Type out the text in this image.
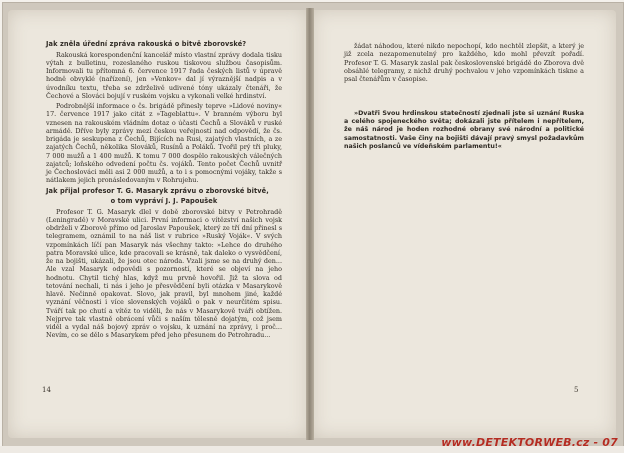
Jak zněla úřední zpráva rakouská o bitvě zborovské?

Rakouská korespondenční kancelář místo vlastní zprávy dodala tisku výtah z bulletinu, rozeslaného ruskou tiskovou službou časopisům. Informovali tu přítomná 6. července 1917 řada českých listů v úpravě hodně obvyklé (nařízení), jen »Venkov« dal jí výraznější nadpis a v úvodníku textu, třeba se zdrželivě udivené tóny ukázaly čtenáři, že Čechové a Slováci bojují v ruském vojsku a vykonali velké hrdinství.

Podrobnější informace o čs. brigádě přinesly teprve »Lidové noviny« 17. července 1917 jako citát z »Tageblattu«. V branném výboru byl vznesen na rakouském vládním dotaz o účasti Čechů a Slováků v ruské armádě. Dříve byly zprávy mezi českou veřejností nad odpovědí, že čs. brigáda je seskupena z Čechů, Bijících na Rusi, zajatých vlastních, a ze zajatých Čechů, několika Slováků, Rusínů a Poláků. Tvořil prý tři pluky, 7 000 mužů a 1 400 mužů. K tomu 7 000 dospělo rakouských válečných zajatců; loňského odvedení počtu čs. vojáků. Tento počet Čechů uvnitř je Čechoslováci měli asi 2 000 mužů, a to i s pomocnými vojáky, takže s nátlakem jejich pronásledovaným v Rohrujehu.

Jak přijal profesor T. G. Masaryk zprávu o zborovské bitvě,
o tom vypráví J. J. Papoušek

Profesor T. G. Masaryk dlel v době zborovské bitvy v Petrohradě (Leningradě) v Moravské ulici. První informaci o vítězství našich vojsk obdrželi v Zborově přímo od Jaroslav Papoušek, který ze tří dní přinesl s telegramem, oznámil to na náš list v rubrice »Ruský Voják«. V svých vzpomínkách líčí pan Masaryk nás všechny takto: »Lehce do druhého patra Moravské ulice, kde pracovali se krásně, tak daleko o vysvědčení, že na bojišti, ukázali, že jsou otec národa. Vzali jsme se na druhý den... Ale vzal Masaryk odpovědi s pozorností, které se objeví na jeho hodnotu. Chytil tichý hlas, když mu prvně hovořil. Již ta slova od tetování nechali, ti nás i jeho je přesvědčení byli otázka v Masarykově hlavě. Nečinně opakovat. Slovo, jak pravil, byl mnohem jiné, každé vyznání věčnosti i více slovenských vojáků o pak v neurčitém spisu. Tváří tak po chutí a vítěz to viděli, že nás v Masarykově tváři obtížen. Nejprve tak vlastně obrácení vůči s naším tělesně dojatým, což jsem viděl a vydal náš bojový zpráv o vojsku, k uznání na zprávy, i proč... Nevím, co se dělo s Masarykem před jeho přesunem do Petrohradu...

žádat náhodou, které nikdo nepochopí, kdo nechtěl zlepšit, a který je již zcela nezapomenutelný pro každého, kdo mohl převzít pořadí. Profesor T. G. Masaryk zaslal pak československé brigádě do Zborova dvě obsáhlé telegramy, z nichž druhý pochvalou v jeho vzpomínkách tiskne a psal čtenářům v časopise.

»Dvatři Svou hrdinskou statečností zjednali jste si uznání Ruska a celého spojeneckého světa; dokázali jste přítelem i nepřítelem, že náš národ je hoden rozhodné obrany své národní a politické samostatnosti. Vaše činy na bojišti dávají pravý smysl požadavkům našich poslanců ve vídeňském parlamentu!«

14	5
www.DETEKTORWEB.cz - 07
